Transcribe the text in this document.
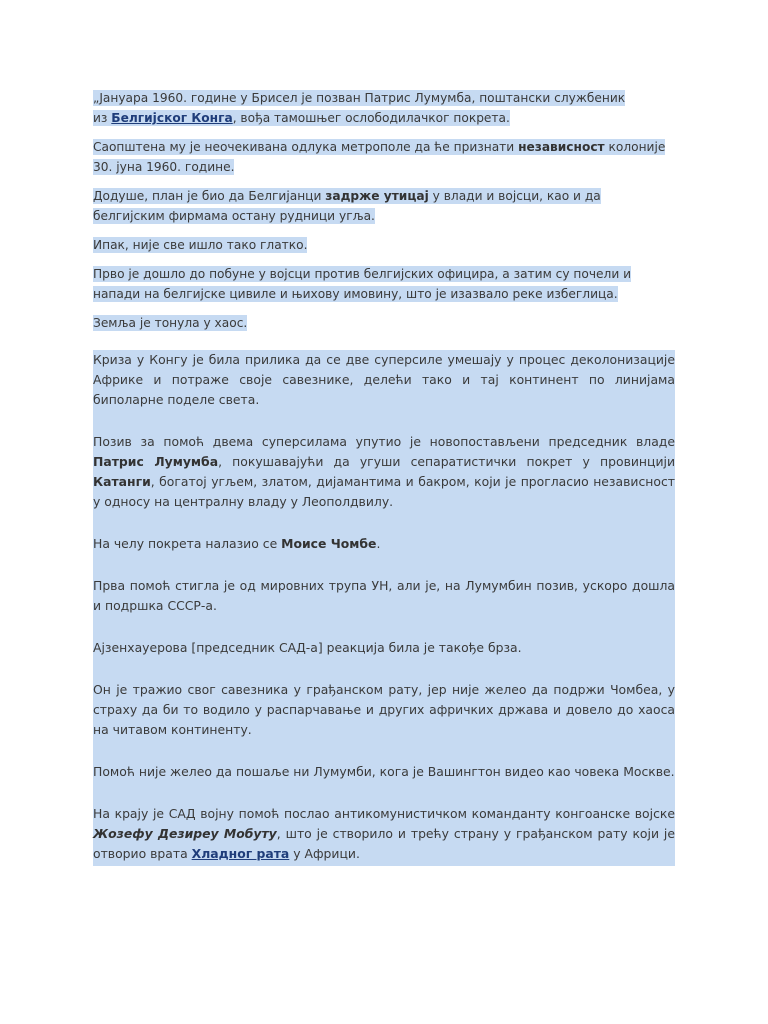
„Јануара 1960. године у Брисел је позван Патрис Лумумба, поштански службеник
из Белгијског Конга, вођа тамошњег ослободилачког покрета.

Саопштена му је неочекивана одлука метрополе да ће признати независност колоније 30. јуна 1960. године.

Додуше, план је био да Белгијанци задрже утицај у влади и војсци, као и да белгијским фирмама остану рудници угља.

Ипак, није све ишло тако глатко.

Прво је дошло до побуне у војсци против белгијских официра, а затим су почели и напади на белгијске цивиле и њихову имовину, што је изазвало реке избеглица.

Земља је тонула у хаос.

Криза у Конгу је била прилика да се две суперсиле умешају у процес деколонизације Африке и потраже своје савезнике, делећи тако и тај континент по линијама биполарне поделе света.

Позив за помоћ двема суперсилама упутио је новопостављени председник владе Патрис Лумумба, покушавајући да угуши сепаратистички покрет у провинцији Катанги, богатој угљем, златом, дијамантима и бакром, који је прогласио независност у односу на централну владу у Леополдвилу.

На челу покрета налазио се Моисе Чомбе.

Прва помоћ стигла је од мировних трупа УН, али је, на Лумумбин позив, ускоро дошла и подршка СССР-а.

Ајзенхауерова [председник САД-а] реакција била је такође брза.

Он је тражио свог савезника у грађанском рату, јер није желео да подржи Чомбеа, у страху да би то водило у распарчавање и других афричких држава и довело до хаоса на читавом континенту.

Помоћ није желео да пошаље ни Лумумби, кога је Вашингтон видео као човека Москве.

На крају је САД војну помоћ послао антикомунистичком команданту конгоанске војске Жозефу Дезиреу Мобуту, што је створило и трећу страну у грађанском рату који је отворио врата Хладног рата у Африци.
